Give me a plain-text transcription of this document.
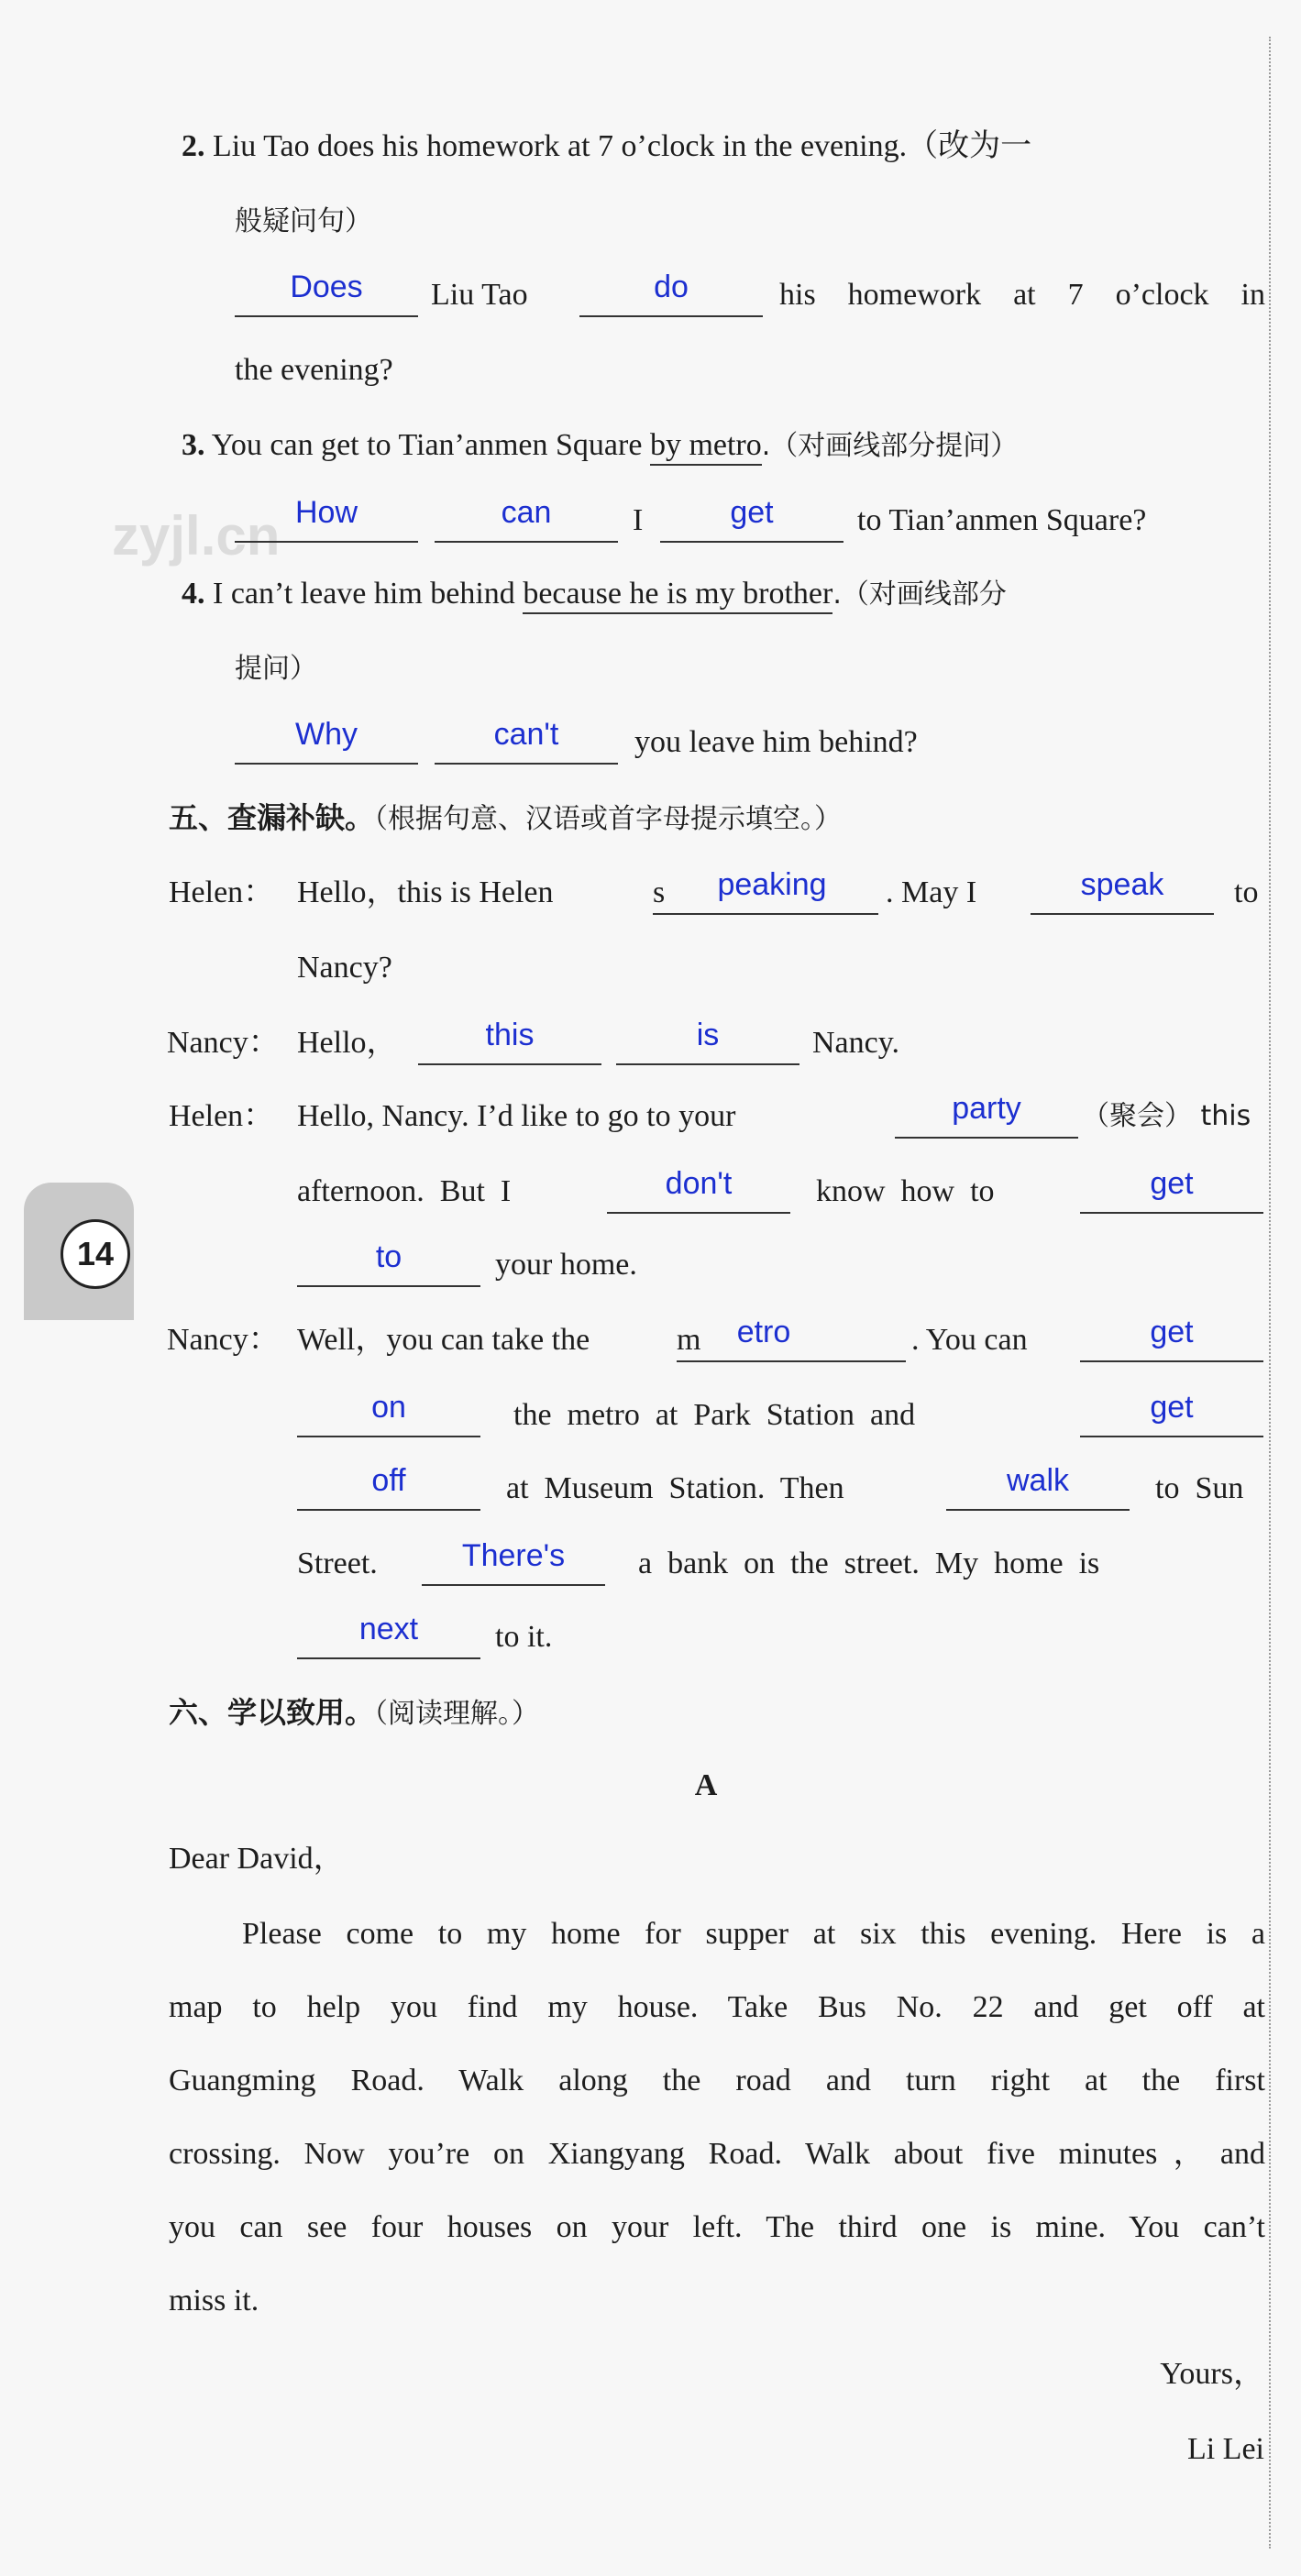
zyjl.cn
2. Liu Tao does his homework at 7 o’clock in the evening.（改为一
般疑问句）
Does	Liu Tao	do	his homework at 7 o’clock in
the evening?
3. You can get to Tian’anmen Square by metro.（对画线部分提问）
How	can	I	get	to Tian’anmen Square?
4. I can’t leave him behind because he is my brother.（对画线部分
提问）
Why	can't	you leave him behind?
五、查漏补缺。（根据句意、汉语或首字母提示填空。）
Helen： Hello，this is Helen	s	peaking	. May I	speak	to
Nancy?
Nancy： Hello，	this	is	Nancy.
Helen： Hello, Nancy. I’d like to go to your	party	（聚会） this
afternoon.  But  I	don't	know  how  to	get
to	your home.
Nancy： Well，you can take the	m	etro	. You can	get
on	the  metro  at  Park  Station  and	get
off	at  Museum  Station.  Then	walk	to  Sun
Street.	There's	a  bank  on  the  street.  My  home  is
next	to it.
六、学以致用。（阅读理解。）
A
Dear David，
Please come to my home for supper at six this evening. Here is a
map to help you find my house. Take Bus No. 22 and get off at
Guangming Road. Walk along the road and turn right at the first
crossing. Now you’re on Xiangyang Road. Walk about five minutes，and
you can see four houses on your left. The third one is mine. You can’t
miss it.
Yours，
Li Lei
14
